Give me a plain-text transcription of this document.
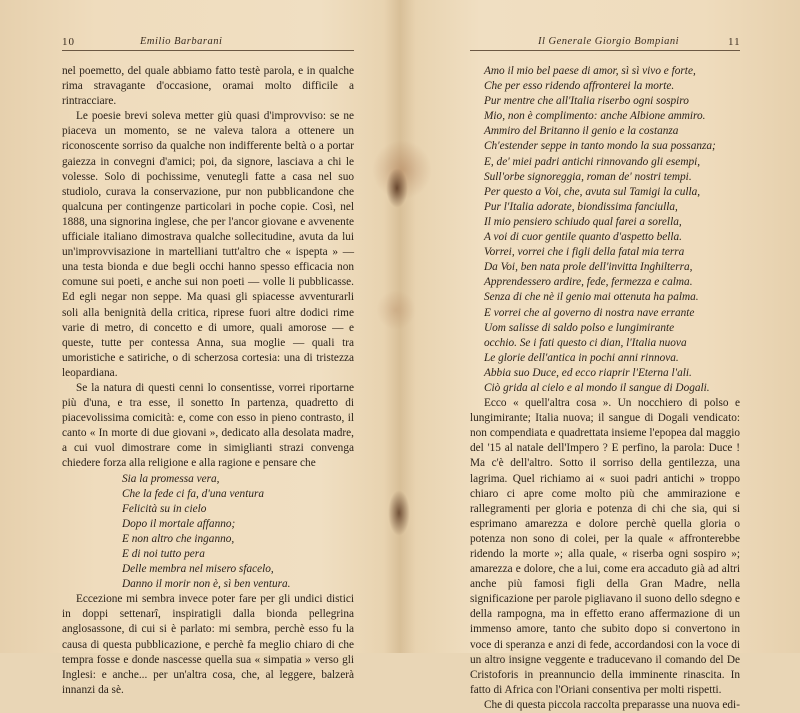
10	Emilio Barbarani

nel poemetto, del quale abbiamo fatto testè parola, e in qualche rima stravagante d'occasione, oramai molto difficile a rintracciare.

Le poesie brevi soleva metter giù quasi d'improvviso: se ne piaceva un momento, se ne valeva talora a ottenere un riconoscente sorriso da qualche non indifferente beltà o a portar gaiezza in convegni d'amici; poi, da signore, lasciava a chi le volesse. Solo di pochissime, venutegli fatte a casa nel suo studiolo, curava la conservazione, pur non pubblicandone che qualcuna per contingenze particolari in poche copie. Così, nel 1888, una signorina inglese, che per l'ancor giovane e avvenente ufficiale italiano dimostrava qualche sollecitudine, avuta da lui un'improvvisazione in martelliani tutt'altro che « ispepta » — una testa bionda e due begli occhi hanno spesso efficacia non comune sui poeti, e anche sui non poeti — volle li pubblicasse. Ed egli negar non seppe. Ma quasi gli spiacesse avventurarli soli alla benignità della critica, riprese fuori altre dodici rime varie di metro, di concetto e di umore, quali amorose — e queste, tutte per contessa Anna, sua moglie — quali tra umoristiche e satiriche, o di scherzosa cortesia: una di tristezza leopardiana.

Se la natura di questi cenni lo consentisse, vorrei riportarne più d'una, e tra esse, il sonetto In partenza, quadretto di piacevolissima comicità: e, come con esso in pieno contrasto, il canto « In morte di due giovani », dedicato alla desolata madre, a cui vuol dimostrare come in simiglianti strazi convenga chiedere forza alla religione e alla ragione e pensare che

Sia la promessa vera,
Che la fede ci fa, d'una ventura
Felicità su in cielo
Dopo il mortale affanno;
E non altro che inganno,
E di noi tutto pera
Delle membra nel misero sfacelo,
Danno il morir non è, sì ben ventura.

Eccezione mi sembra invece poter fare per gli undici distici in doppi settenarî, inspiratigli dalla bionda pellegrina anglosassone, di cui si è parlato: mi sembra, perchè esso fu la causa di questa pubblicazione, e perchè fa meglio chiaro di che tempra fosse e donde nascesse quella sua « simpatia » verso gli Inglesi: e anche... per un'altra cosa, che, al leggere, balzerà innanzi da sè.

Il Generale Giorgio Bompiani	11
Amo il mio bel paese di amor, sì sì vivo e forte,
Che per esso ridendo affronterei la morte.
Pur mentre che all'Italia riserbo ogni sospiro
Mio, non è complimento: anche Albione ammiro.
Ammiro del Britanno il genio e la costanza
Ch'estender seppe in tanto mondo la sua possanza;
E, de' miei padri antichi rinnovando gli esempi,
Sull'orbe signoreggia, roman de' nostri tempi.
Per questo a Voi, che, avuta sul Tamigi la culla,
Pur l'Italia adorate, biondissima fanciulla,
Il mio pensiero schiudo qual farei a sorella,
A voi di cuor gentile quanto d'aspetto bella.
Vorrei, vorrei che i figli della fatal mia terra
Da Voi, ben nata prole dell'invitta Inghilterra,
Apprendessero ardire, fede, fermezza e calma.
Senza di che nè il genio mai ottenuta ha palma.
E vorrei che al governo di nostra nave errante
Uom salisse di saldo polso e lungimirante
occhio. Se i fati questo ci dian, l'Italia nuova
Le glorie dell'antica in pochi anni rinnova.
Abbia suo Duce, ed ecco riaprir l'Eterna l'ali.
Ciò grida al cielo e al mondo il sangue di Dogali.

Ecco « quell'altra cosa ». Un nocchiero di polso e lungimirante; Italia nuova; il sangue di Dogali vendicato: non compendiata e quadrettata insieme l'epopea dal maggio del '15 al natale dell'Impero ? E perfino, la parola: Duce ! Ma c'è dell'altro. Sotto il sorriso della gentilezza, una lagrima. Quel richiamo ai « suoi padri antichi » troppo chiaro ci apre come molto più che ammirazione e rallegramenti per gloria e potenza di chi che sia, qui si esprimano amarezza e dolore perchè quella gloria o potenza non sono di colei, per la quale « affronterebbe ridendo la morte »; alla quale, « riserba ogni sospiro »; amarezza e dolore, che a lui, come era accaduto già ad altri anche più famosi figli della Gran Madre, nella significazione per parole pigliavano il suono dello sdegno e della rampogna, ma in effetto erano affermazione di un immenso amore, tanto che subito dopo si convertono in voce di speranza e anzi di fede, accordandosi con la voce di un altro insigne veggente e traducevano il comando del De Cristoforis in preannuncio della imminente rinascita. In fatto di Africa con l'Oriani consentiva per molti rispetti.

Che di questa piccola raccolta preparasse una nuova edi-
